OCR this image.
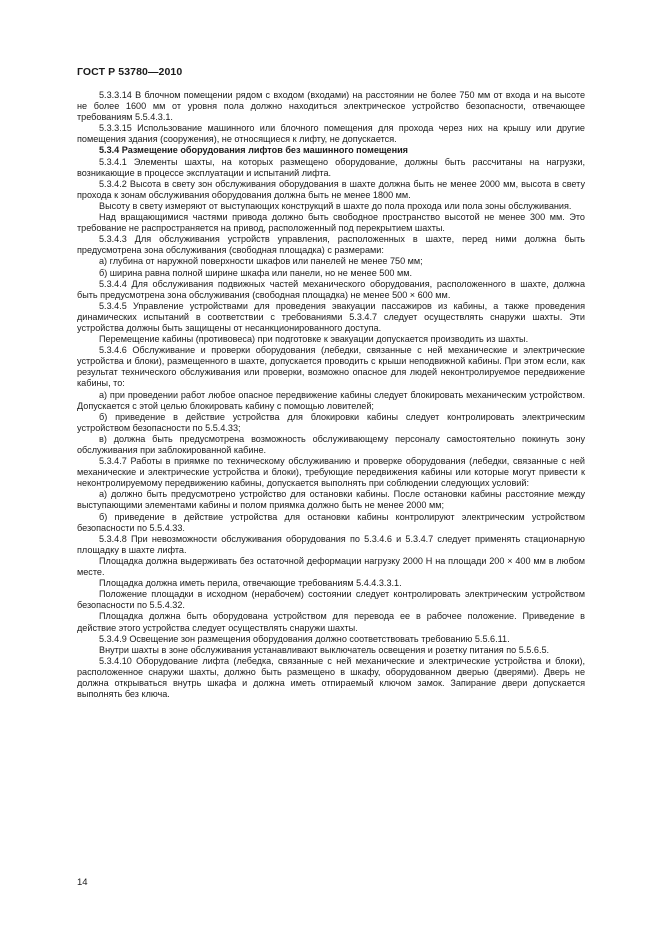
ГОСТ Р 53780—2010

5.3.3.14 В блочном помещении рядом с входом (входами) на расстоянии не более 750 мм от входа и на высоте не более 1600 мм от уровня пола должно находиться электрическое устройство безопасности, отвечающее требованиям 5.5.4.3.1.

5.3.3.15 Использование машинного или блочного помещения для прохода через них на крышу или другие помещения здания (сооружения), не относящиеся к лифту, не допускается.

5.3.4 Размещение оборудования лифтов без машинного помещения

5.3.4.1 Элементы шахты, на которых размещено оборудование, должны быть рассчитаны на нагрузки, возникающие в процессе эксплуатации и испытаний лифта.

5.3.4.2 Высота в свету зон обслуживания оборудования в шахте должна быть не менее 2000 мм, высота в свету прохода к зонам обслуживания оборудования должна быть не менее 1800 мм.

Высоту в свету измеряют от выступающих конструкций в шахте до пола прохода или пола зоны обслуживания.

Над вращающимися частями привода должно быть свободное пространство высотой не менее 300 мм. Это требование не распространяется на привод, расположенный под перекрытием шахты.

5.3.4.3 Для обслуживания устройств управления, расположенных в шахте, перед ними должна быть предусмотрена зона обслуживания (свободная площадка) с размерами:

а) глубина от наружной поверхности шкафов или панелей не менее 750 мм;

б) ширина равна полной ширине шкафа или панели, но не менее 500 мм.

5.3.4.4 Для обслуживания подвижных частей механического оборудования, расположенного в шахте, должна быть предусмотрена зона обслуживания (свободная площадка) не менее 500 × 600 мм.

5.3.4.5 Управление устройствами для проведения эвакуации пассажиров из кабины, а также проведения динамических испытаний в соответствии с требованиями 5.3.4.7 следует осуществлять снаружи шахты. Эти устройства должны быть защищены от несанкционированного доступа.

Перемещение кабины (противовеса) при подготовке к эвакуации допускается производить из шахты.

5.3.4.6 Обслуживание и проверки оборудования (лебедки, связанные с ней механические и электрические устройства и блоки), размещенного в шахте, допускается проводить с крыши неподвижной кабины. При этом если, как результат технического обслуживания или проверки, возможно опасное для людей неконтролируемое передвижение кабины, то:

а) при проведении работ любое опасное передвижение кабины следует блокировать механическим устройством. Допускается с этой целью блокировать кабину с помощью ловителей;

б) приведение в действие устройства для блокировки кабины следует контролировать электрическим устройством безопасности по 5.5.4.33;

в) должна быть предусмотрена возможность обслуживающему персоналу самостоятельно покинуть зону обслуживания при заблокированной кабине.

5.3.4.7 Работы в приямке по техническому обслуживанию и проверке оборудования (лебедки, связанные с ней механические и электрические устройства и блоки), требующие передвижения кабины или которые могут привести к неконтролируемому передвижению кабины, допускается выполнять при соблюдении следующих условий:

а) должно быть предусмотрено устройство для остановки кабины. После остановки кабины расстояние между выступающими элементами кабины и полом приямка должно быть не менее 2000 мм;

б) приведение в действие устройства для остановки кабины контролируют электрическим устройством безопасности по 5.5.4.33.

5.3.4.8 При невозможности обслуживания оборудования по 5.3.4.6 и 5.3.4.7 следует применять стационарную площадку в шахте лифта.

Площадка должна выдерживать без остаточной деформации нагрузку 2000 Н на площади 200 × 400 мм в любом месте.

Площадка должна иметь перила, отвечающие требованиям 5.4.4.3.3.1.

Положение площадки в исходном (нерабочем) состоянии следует контролировать электрическим устройством безопасности по 5.5.4.32.

Площадка должна быть оборудована устройством для перевода ее в рабочее положение. Приведение в действие этого устройства следует осуществлять снаружи шахты.

5.3.4.9 Освещение зон размещения оборудования должно соответствовать требованию 5.5.6.11.

Внутри шахты в зоне обслуживания устанавливают выключатель освещения и розетку питания по 5.5.6.5.

5.3.4.10 Оборудование лифта (лебедка, связанные с ней механические и электрические устройства и блоки), расположенное снаружи шахты, должно быть размещено в шкафу, оборудованном дверью (дверями). Дверь не должна открываться внутрь шкафа и должна иметь отпираемый ключом замок. Запирание двери допускается выполнять без ключа.

14
